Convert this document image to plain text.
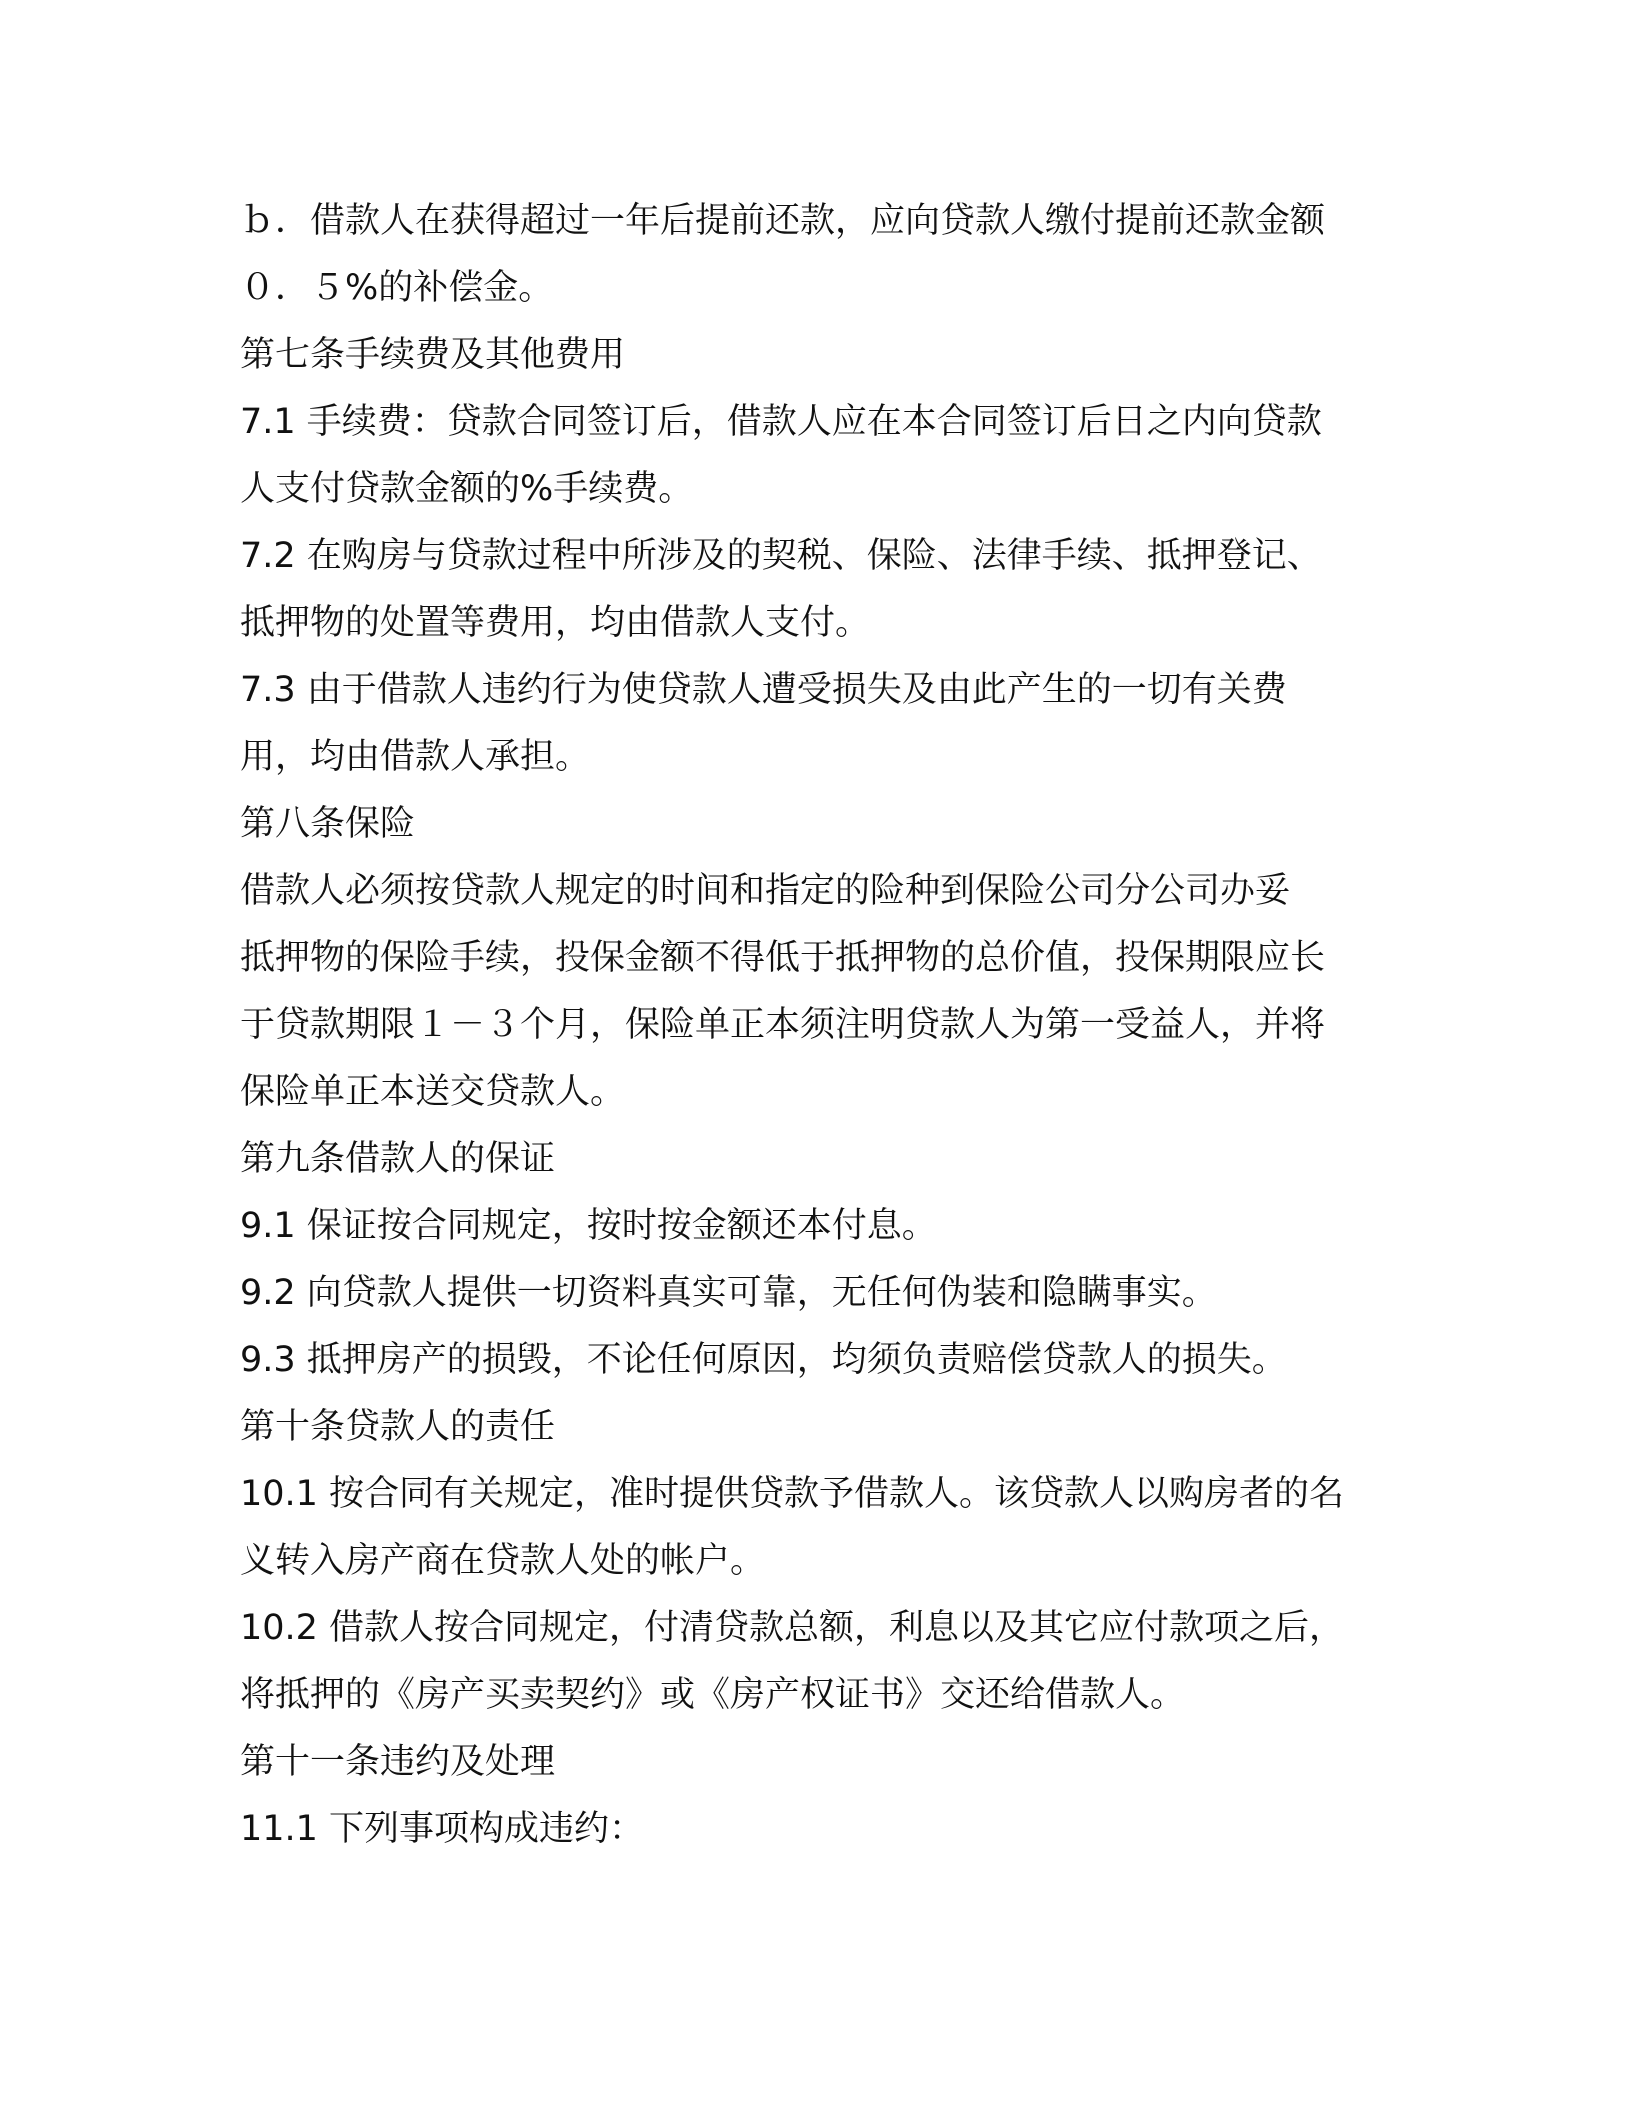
ｂ．借款人在获得超过一年后提前还款，应向贷款人缴付提前还款金额
０．５%的补偿金。
第七条手续费及其他费用
7.1 手续费：贷款合同签订后，借款人应在本合同签订后日之内向贷款
人支付贷款金额的%手续费。
7.2 在购房与贷款过程中所涉及的契税、保险、法律手续、抵押登记、
抵押物的处置等费用，均由借款人支付。
7.3 由于借款人违约行为使贷款人遭受损失及由此产生的一切有关费
用，均由借款人承担。
第八条保险
借款人必须按贷款人规定的时间和指定的险种到保险公司分公司办妥
抵押物的保险手续，投保金额不得低于抵押物的总价值，投保期限应长
于贷款期限１－３个月，保险单正本须注明贷款人为第一受益人，并将
保险单正本送交贷款人。
第九条借款人的保证
9.1 保证按合同规定，按时按金额还本付息。
9.2 向贷款人提供一切资料真实可靠，无任何伪装和隐瞒事实。
9.3 抵押房产的损毁，不论任何原因，均须负责赔偿贷款人的损失。
第十条贷款人的责任
10.1 按合同有关规定，准时提供贷款予借款人。该贷款人以购房者的名
义转入房产商在贷款人处的帐户。
10.2 借款人按合同规定，付清贷款总额，利息以及其它应付款项之后，
将抵押的《房产买卖契约》或《房产权证书》交还给借款人。
第十一条违约及处理
11.1 下列事项构成违约：
